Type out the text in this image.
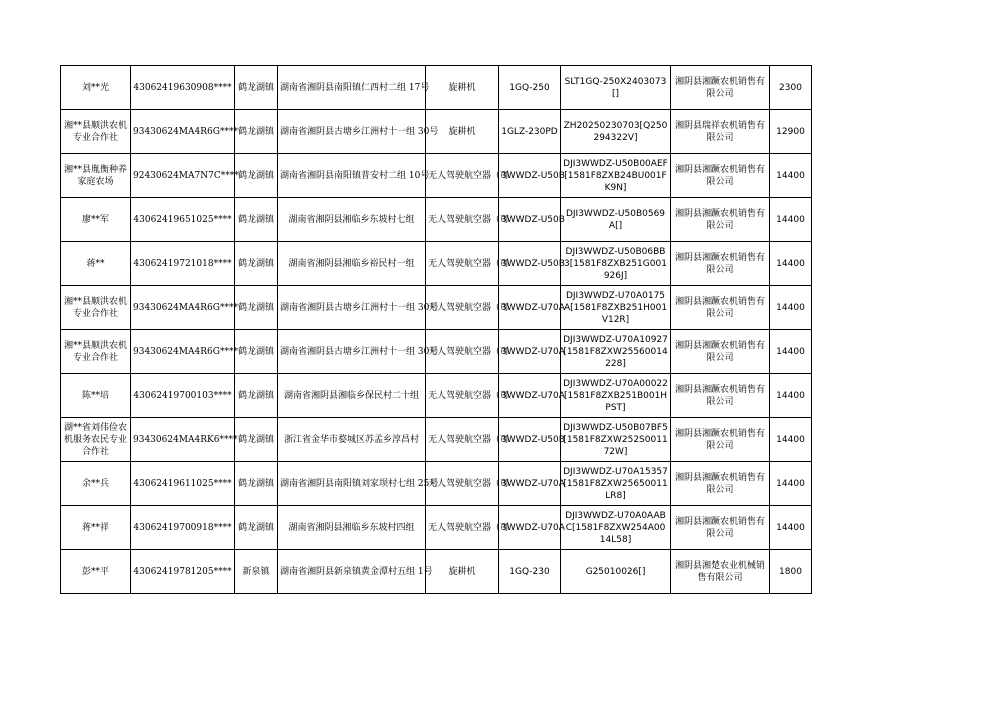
刘**光	43062419630908****	鹤龙湖镇	湖南省湘阴县南阳镇仁西村二组 17号	旋耕机	1GQ-250	SLT1GQ-250X2403073[]	湘阴县湘蹶农机销售有限公司	2300
湘**县顺洪农机专业合作社	93430624MA4R6G****	鹤龙湖镇	湖南省湘阴县古塘乡江洲村十一组 30号	旋耕机	1GLZ-230PD	ZH20250230703[Q250294322V]	湘阴县瑞祥农机销售有限公司	12900
湘**县胤衡种养家庭农场	92430624MA7N7C****	鹤龙湖镇	湖南省湘阴县南阳镇普安村二组 10号	无人驾驶航空器（可	3WWDZ-U50B	DJI3WWDZ-U50B00AEF[1581F8ZXB24BU001FK9N]	湘阴县湘蹶农机销售有限公司	14400
廖**军	43062419651025****	鹤龙湖镇	湖南省湘阴县湘临乡东坡村七组	无人驾驶航空器（可	3WWDZ-U50B	DJI3WWDZ-U50B0569A[]	湘阴县湘蹶农机销售有限公司	14400
蒋**	43062419721018****	鹤龙湖镇	湖南省湘阴县湘临乡裕民村一组	无人驾驶航空器（可	3WWDZ-U50B	DJI3WWDZ-U50B06BB3[1581F8ZXB251G001926J]	湘阴县湘蹶农机销售有限公司	14400
湘**县顺洪农机专业合作社	93430624MA4R6G****	鹤龙湖镇	湖南省湘阴县古塘乡江洲村十一组 30号	无人驾驶航空器（可	3WWDZ-U70A	DJI3WWDZ-U70A0175A[1581F8ZXB251H001V12R]	湘阴县湘蹶农机销售有限公司	14400
湘**县顺洪农机专业合作社	93430624MA4R6G****	鹤龙湖镇	湖南省湘阴县古塘乡江洲村十一组 30号	无人驾驶航空器（可	3WWDZ-U70A	DJI3WWDZ-U70A10927[1581F8ZXW25560014228]	湘阴县湘蹶农机销售有限公司	14400
陈**培	43062419700103****	鹤龙湖镇	湖南省湘阴县湘临乡保民村二十组	无人驾驶航空器（可	3WWDZ-U70A	DJI3WWDZ-U70A00022[1581F8ZXB251B001HPST]	湘阴县湘蹶农机销售有限公司	14400
湖**省刘伟俭农机服务农民专业合作社	93430624MA4RK6****	鹤龙湖镇	浙江省金华市婺城区苏孟乡淳昌村	无人驾驶航空器（可	3WWDZ-U50B	DJI3WWDZ-U50B07BF5[1581F8ZXW252S001172W]	湘阴县湘蹶农机销售有限公司	14400
余**兵	43062419611025****	鹤龙湖镇	湖南省湘阴县南阳镇刘家坝村七组 25号	无人驾驶航空器（可	3WWDZ-U70A	DJI3WWDZ-U70A15357[1581F8ZXW25650011LR8]	湘阴县湘蹶农机销售有限公司	14400
蒋**祥	43062419700918****	鹤龙湖镇	湖南省湘阴县湘临乡东坡村四组	无人驾驶航空器（可	3WWDZ-U70A	DJI3WWDZ-U70A0AABC[1581F8ZXW254A0014L58]	湘阴县湘蹶农机销售有限公司	14400
彭**平	43062419781205****	新泉镇	湖南省湘阴县新泉镇黄金潭村五组 1号	旋耕机	1GQ-230	G25010026[]	湘阴县湘楚农业机械销售有限公司	1800
